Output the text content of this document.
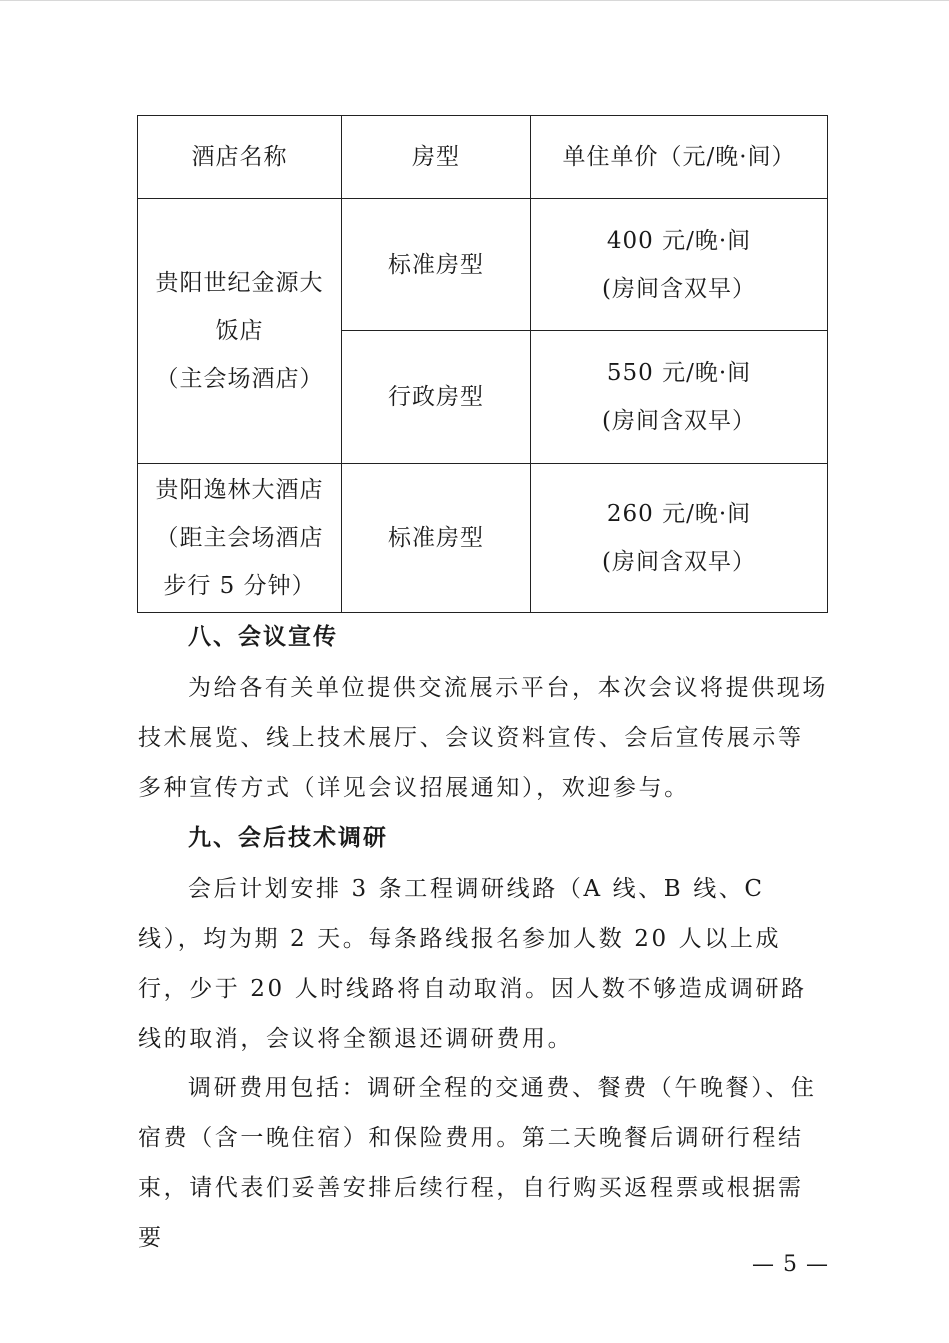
酒店名称	房型	单住单价（元/晚·间）

贵阳世纪金源大
饭店
（主会场酒店）	标准房型	400 元/晚·间
(房间含双早）

	行政房型	550 元/晚·间
(房间含双早）

贵阳逸林大酒店
（距主会场酒店
步行 5 分钟）	标准房型	260 元/晚·间
(房间含双早）
八、会议宣传

为给各有关单位提供交流展示平台，本次会议将提供现场技术展览、线上技术展厅、会议资料宣传、会后宣传展示等多种宣传方式（详见会议招展通知），欢迎参与。

九、会后技术调研

会后计划安排 3 条工程调研线路（A 线、B 线、C 线），均为期 2 天。每条路线报名参加人数 20 人以上成行，少于 20 人时线路将自动取消。因人数不够造成调研路线的取消，会议将全额退还调研费用。

调研费用包括：调研全程的交通费、餐费（午晚餐）、住宿费（含一晚住宿）和保险费用。第二天晚餐后调研行程结束，请代表们妥善安排后续行程，自行购买返程票或根据需要

— 5 —
